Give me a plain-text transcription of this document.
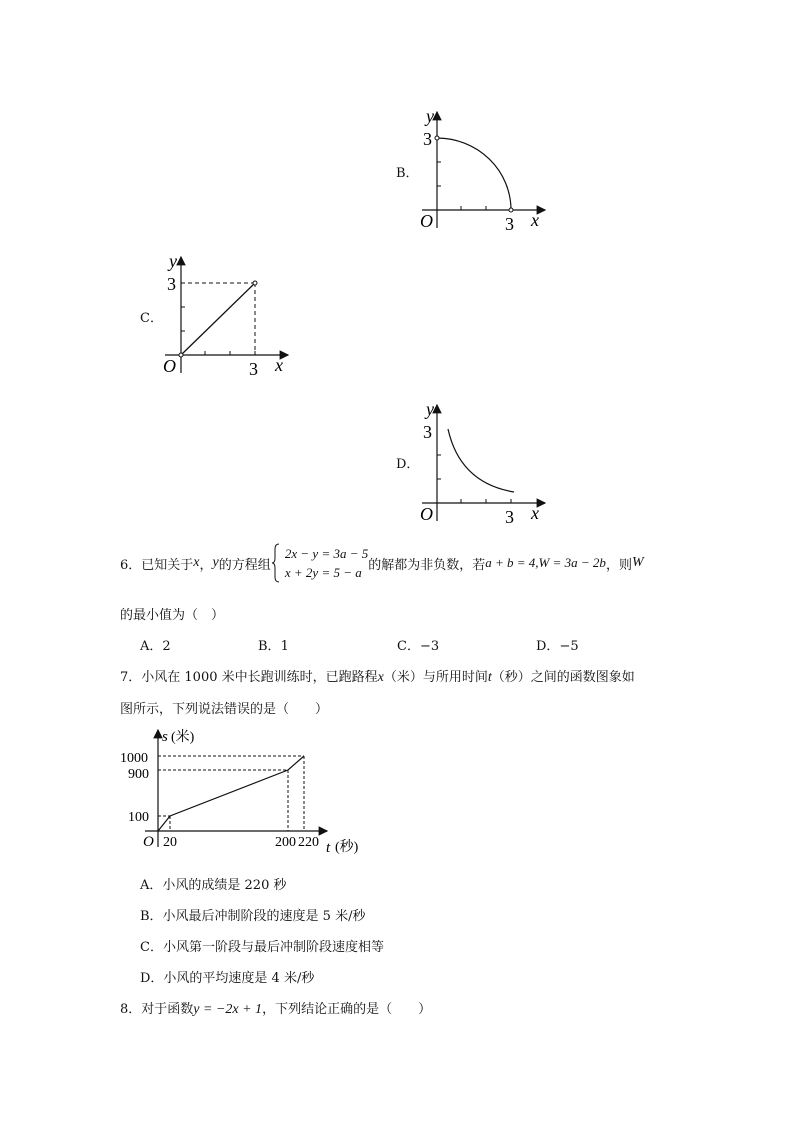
B．
y
3
O	3 x
C．
y
3
O	3 x
D．
y
3
O	3 x
6．已知关于 x ， y 的方程组

2x − y = 3a − 5
x + 2y = 5 − a 的解都为非负数，若 a + b = 4,W = 3a − 2b ，则 W
的最小值为（　）
A．2	B．1	C．−3	D．−5
7．小风在 1000 米中长跑训练时，已跑路程x（米）与所用时间t（秒）之间的函数图象如
图所示，下列说法错误的是（　　）
s (米)
1000
900
100
O 20	200 220 t (秒)
A．小风的成绩是 220 秒
B．小风最后冲制阶段的速度是 5 米/秒
C．小风第一阶段与最后冲制阶段速度相等
D．小风的平均速度是 4 米/秒
8．对于函数y = −2x + 1，下列结论正确的是（　　）
